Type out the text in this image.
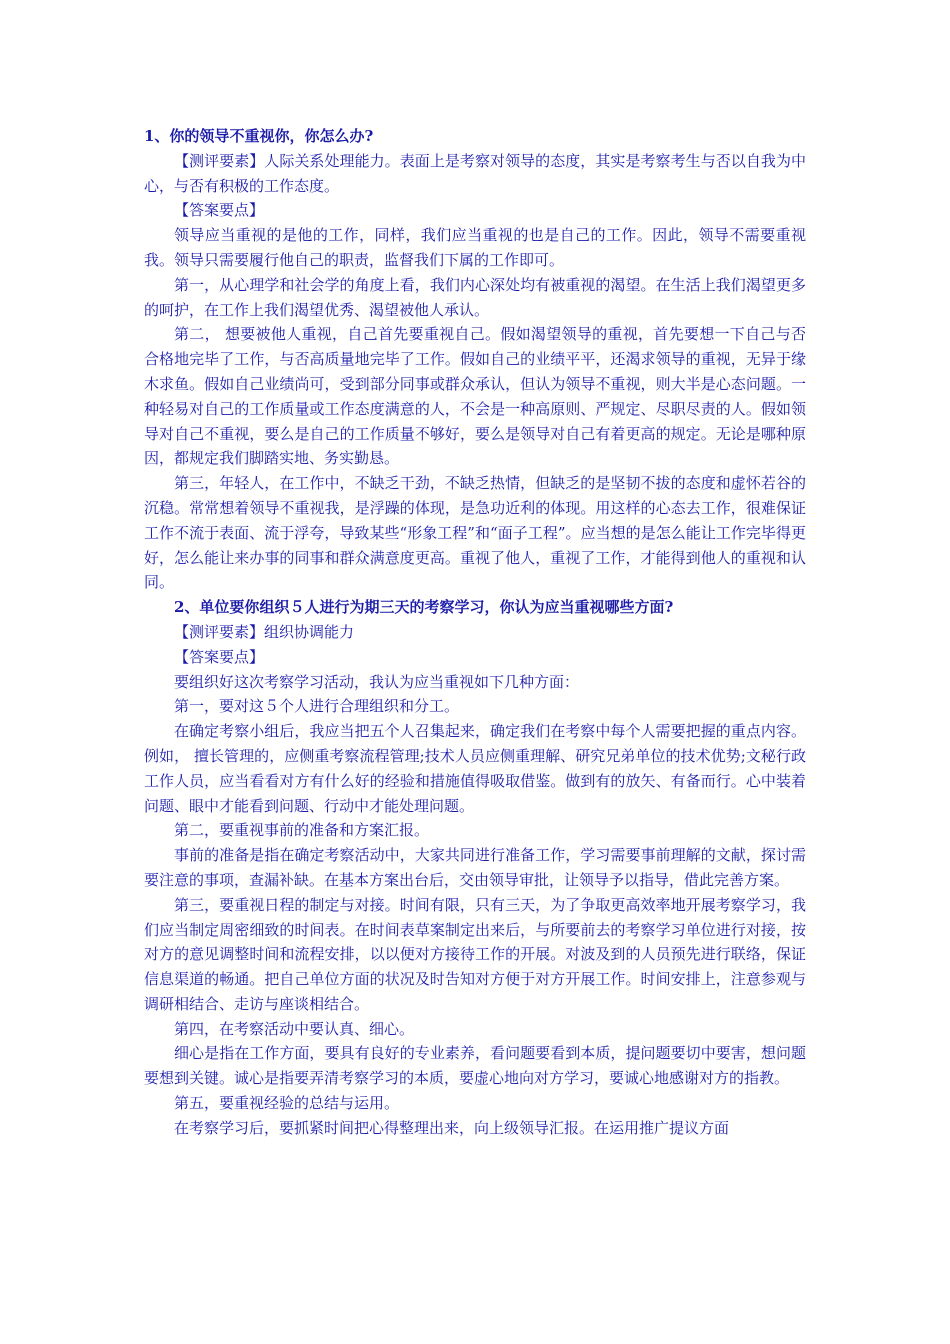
1、你的领导不重视你，你怎么办?

【测评要素】人际关系处理能力。表面上是考察对领导的态度，其实是考察考生与否以自我为中心，与否有积极的工作态度。

【答案要点】

领导应当重视的是他的工作，同样，我们应当重视的也是自己的工作。因此，领导不需要重视我。领导只需要履行他自己的职责，监督我们下属的工作即可。

第一，从心理学和社会学的角度上看，我们内心深处均有被重视的渴望。在生活上我们渴望更多的呵护，在工作上我们渴望优秀、渴望被他人承认。

第二， 想要被他人重视，自己首先要重视自己。假如渴望领导的重视，首先要想一下自己与否合格地完毕了工作，与否高质量地完毕了工作。假如自己的业绩平平，还渴求领导的重视，无异于缘木求鱼。假如自己业绩尚可，受到部分同事或群众承认，但认为领导不重视，则大半是心态问题。一种轻易对自己的工作质量或工作态度满意的人，不会是一种高原则、严规定、尽职尽责的人。假如领导对自己不重视，要么是自己的工作质量不够好，要么是领导对自己有着更高的规定。无论是哪种原因，都规定我们脚踏实地、务实勤恳。

第三，年轻人，在工作中，不缺乏干劲，不缺乏热情，但缺乏的是坚韧不拔的态度和虚怀若谷的沉稳。常常想着领导不重视我，是浮躁的体现，是急功近利的体现。用这样的心态去工作，很难保证工作不流于表面、流于浮夸，导致某些“形象工程”和“面子工程”。应当想的是怎么能让工作完毕得更好，怎么能让来办事的同事和群众满意度更高。重视了他人，重视了工作，才能得到他人的重视和认同。

2、单位要你组织５人进行为期三天的考察学习，你认为应当重视哪些方面?

【测评要素】组织协调能力

【答案要点】

要组织好这次考察学习活动，我认为应当重视如下几种方面：

第一，要对这５个人进行合理组织和分工。

在确定考察小组后，我应当把五个人召集起来，确定我们在考察中每个人需要把握的重点内容。例如， 擅长管理的，应侧重考察流程管理;技术人员应侧重理解、研究兄弟单位的技术优势;文秘行政工作人员，应当看看对方有什么好的经验和措施值得吸取借鉴。做到有的放矢、有备而行。心中装着问题、眼中才能看到问题、行动中才能处理问题。

第二，要重视事前的准备和方案汇报。

事前的准备是指在确定考察活动中，大家共同进行准备工作，学习需要事前理解的文献，探讨需要注意的事项，查漏补缺。在基本方案出台后，交由领导审批，让领导予以指导，借此完善方案。

第三，要重视日程的制定与对接。时间有限，只有三天，为了争取更高效率地开展考察学习，我们应当制定周密细致的时间表。在时间表草案制定出来后，与所要前去的考察学习单位进行对接，按对方的意见调整时间和流程安排，以以便对方接待工作的开展。对波及到的人员预先进行联络，保证信息渠道的畅通。把自己单位方面的状况及时告知对方便于对方开展工作。时间安排上，注意参观与调研相结合、走访与座谈相结合。

第四，在考察活动中要认真、细心。

细心是指在工作方面，要具有良好的专业素养，看问题要看到本质，提问题要切中要害，想问题要想到关键。诚心是指要弄清考察学习的本质，要虚心地向对方学习，要诚心地感谢对方的指教。

第五，要重视经验的总结与运用。

在考察学习后，要抓紧时间把心得整理出来，向上级领导汇报。在运用推广提议方面
